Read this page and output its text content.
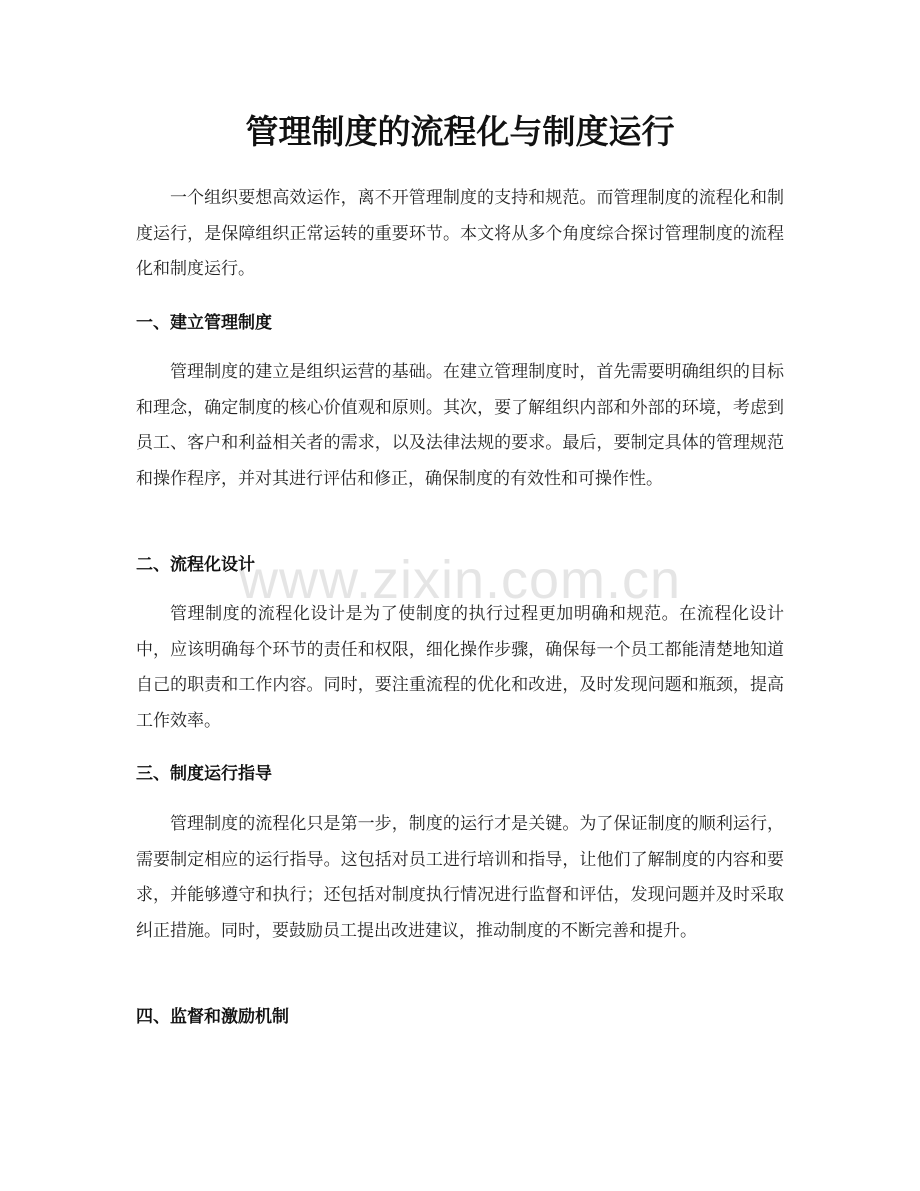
管理制度的流程化与制度运行

一个组织要想高效运作，离不开管理制度的支持和规范。而管理制度的流程化和制度运行，是保障组织正常运转的重要环节。本文将从多个角度综合探讨管理制度的流程化和制度运行。

一、建立管理制度

管理制度的建立是组织运营的基础。在建立管理制度时，首先需要明确组织的目标和理念，确定制度的核心价值观和原则。其次，要了解组织内部和外部的环境，考虑到员工、客户和利益相关者的需求，以及法律法规的要求。最后，要制定具体的管理规范和操作程序，并对其进行评估和修正，确保制度的有效性和可操作性。

二、流程化设计

管理制度的流程化设计是为了使制度的执行过程更加明确和规范。在流程化设计中，应该明确每个环节的责任和权限，细化操作步骤，确保每一个员工都能清楚地知道自己的职责和工作内容。同时，要注重流程的优化和改进，及时发现问题和瓶颈，提高工作效率。

三、制度运行指导

管理制度的流程化只是第一步，制度的运行才是关键。为了保证制度的顺利运行，需要制定相应的运行指导。这包括对员工进行培训和指导，让他们了解制度的内容和要求，并能够遵守和执行；还包括对制度执行情况进行监督和评估，发现问题并及时采取纠正措施。同时，要鼓励员工提出改进建议，推动制度的不断完善和提升。

四、监督和激励机制
www.zixin.com.cn
